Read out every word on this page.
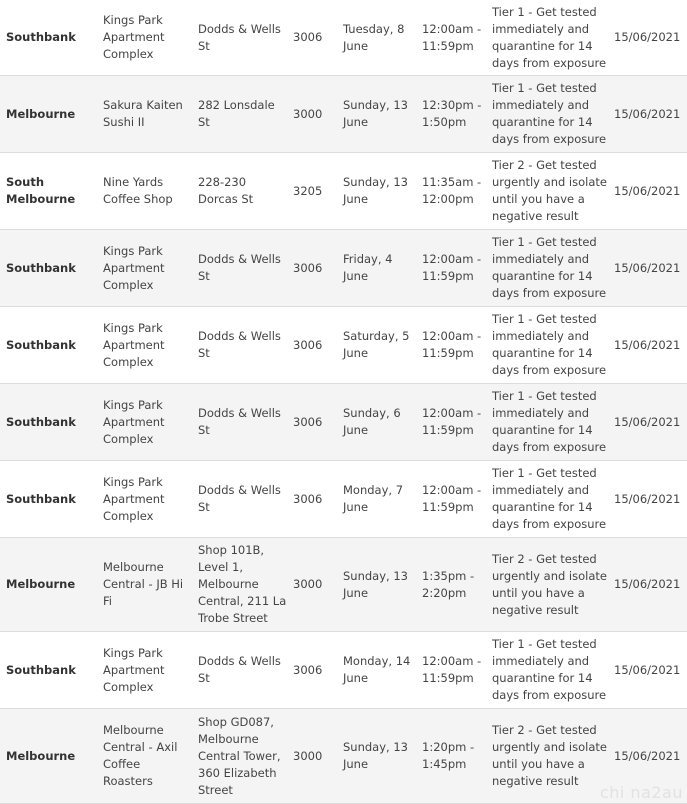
Southbank
Kings Park Apartment Complex
Dodds & Wells St
3006
Tuesday, 8 June
12:00am - 11:59pm
Tier 1 - Get tested immediately and quarantine for 14 days from exposure
15/06/2021
Melbourne
Sakura Kaiten Sushi II
282 Lonsdale St
3000
Sunday, 13 June
12:30pm - 1:50pm
Tier 1 - Get tested immediately and quarantine for 14 days from exposure
15/06/2021
South Melbourne
Nine Yards Coffee Shop
228-230 Dorcas St
3205
Sunday, 13 June
11:35am - 12:00pm
Tier 2 - Get tested urgently and isolate until you have a negative result
15/06/2021
Southbank
Kings Park Apartment Complex
Dodds & Wells St
3006
Friday, 4 June
12:00am - 11:59pm
Tier 1 - Get tested immediately and quarantine for 14 days from exposure
15/06/2021
Southbank
Kings Park Apartment Complex
Dodds & Wells St
3006
Saturday, 5 June
12:00am - 11:59pm
Tier 1 - Get tested immediately and quarantine for 14 days from exposure
15/06/2021
Southbank
Kings Park Apartment Complex
Dodds & Wells St
3006
Sunday, 6 June
12:00am - 11:59pm
Tier 1 - Get tested immediately and quarantine for 14 days from exposure
15/06/2021
Southbank
Kings Park Apartment Complex
Dodds & Wells St
3006
Monday, 7 June
12:00am - 11:59pm
Tier 1 - Get tested immediately and quarantine for 14 days from exposure
15/06/2021
Melbourne
Melbourne Central - JB Hi Fi
Shop 101B, Level 1, Melbourne Central, 211 La Trobe Street
3000
Sunday, 13 June
1:35pm - 2:20pm
Tier 2 - Get tested urgently and isolate until you have a negative result
15/06/2021
Southbank
Kings Park Apartment Complex
Dodds & Wells St
3006
Monday, 14 June
12:00am - 11:59pm
Tier 1 - Get tested immediately and quarantine for 14 days from exposure
15/06/2021
Melbourne
Melbourne Central - Axil Coffee Roasters
Shop GD087, Melbourne Central Tower, 360 Elizabeth Street
3000
Sunday, 13 June
1:20pm - 1:45pm
Tier 2 - Get tested urgently and isolate until you have a negative result
15/06/2021
chi na2au
